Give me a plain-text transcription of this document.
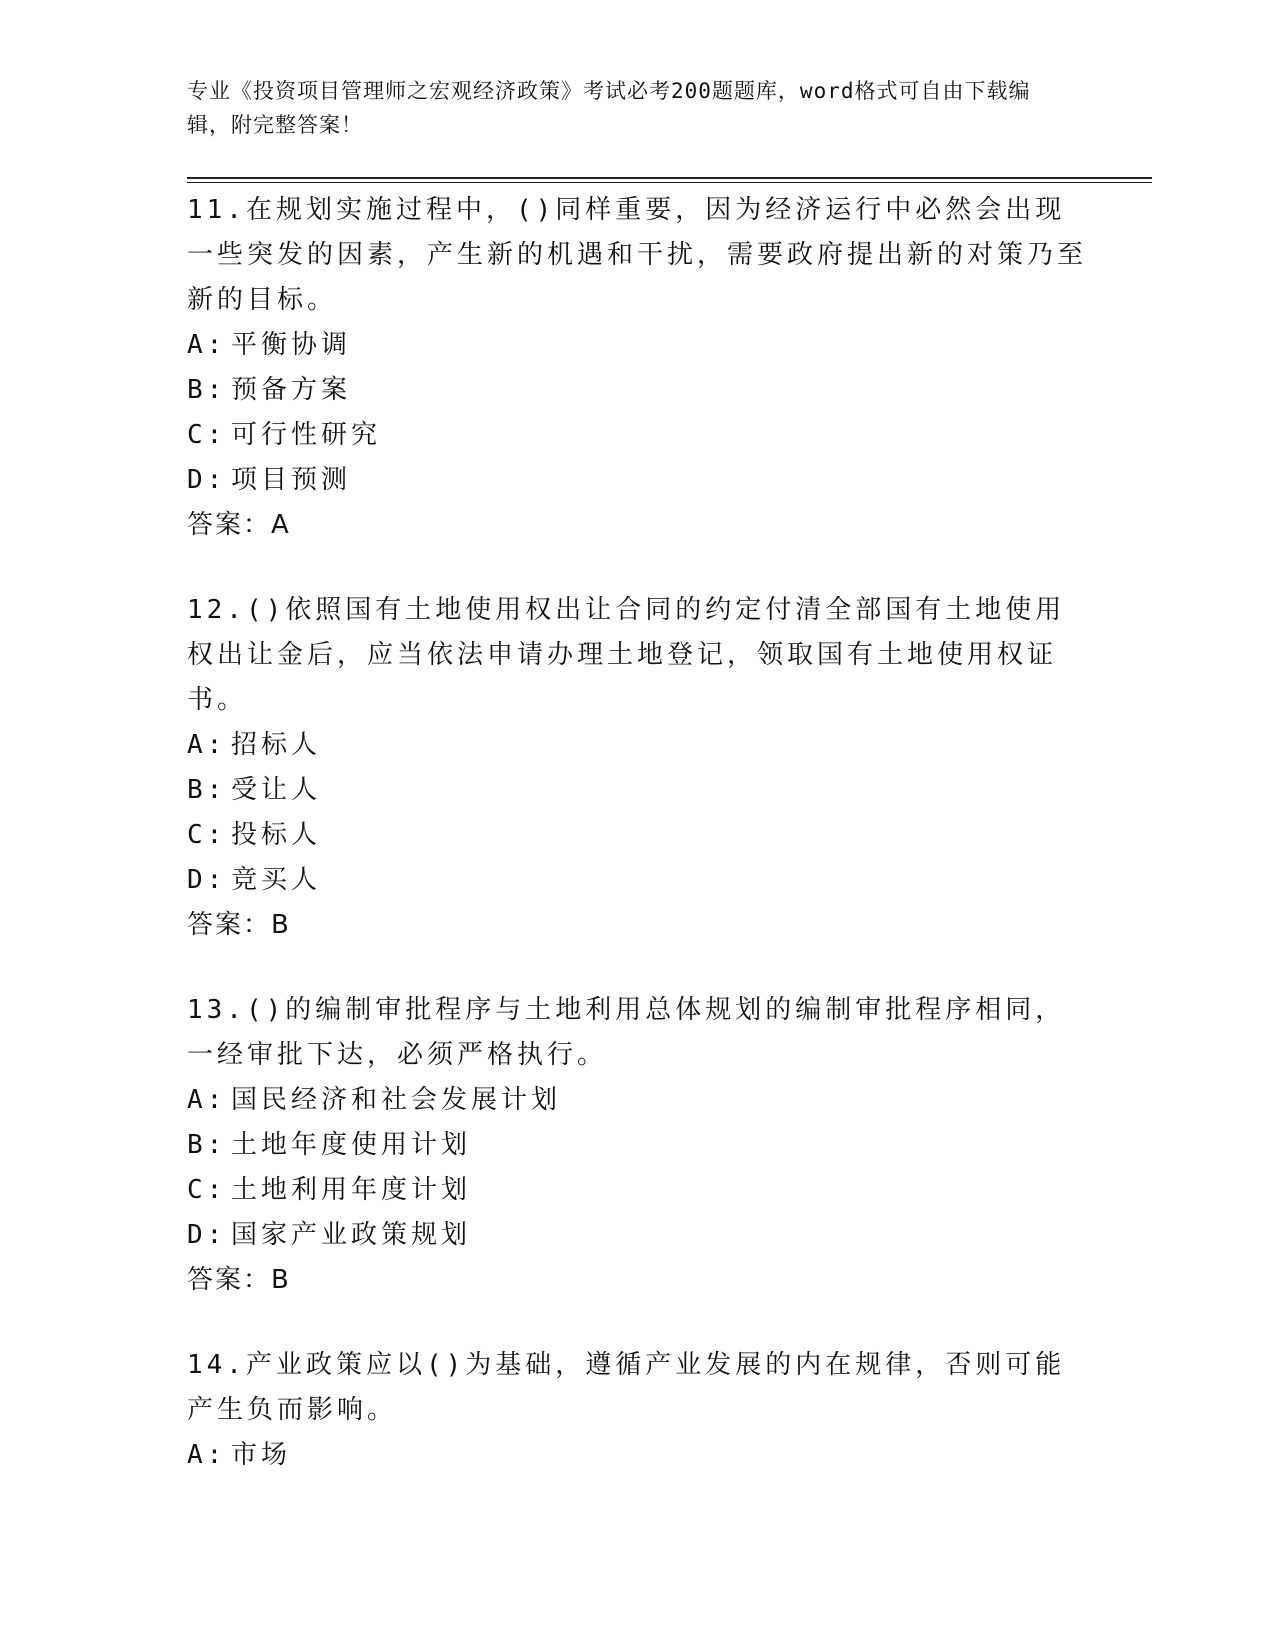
专业《投资项目管理师之宏观经济政策》考试必考200题题库，word格式可自由下载编辑，附完整答案！
11.在规划实施过程中，()同样重要，因为经济运行中必然会出现一些突发的因素，产生新的机遇和干扰，需要政府提出新的对策乃至新的目标。
A: 平衡协调
B: 预备方案
C: 可行性研究
D: 项目预测
答案：A
12.()依照国有土地使用权出让合同的约定付清全部国有土地使用权出让金后，应当依法申请办理土地登记，领取国有土地使用权证书。
A: 招标人
B: 受让人
C: 投标人
D: 竞买人
答案：B
13.()的编制审批程序与土地利用总体规划的编制审批程序相同，一经审批下达，必须严格执行。
A: 国民经济和社会发展计划
B: 土地年度使用计划
C: 土地利用年度计划
D: 国家产业政策规划
答案：B
14.产业政策应以()为基础，遵循产业发展的内在规律，否则可能产生负而影响。
A: 市场
